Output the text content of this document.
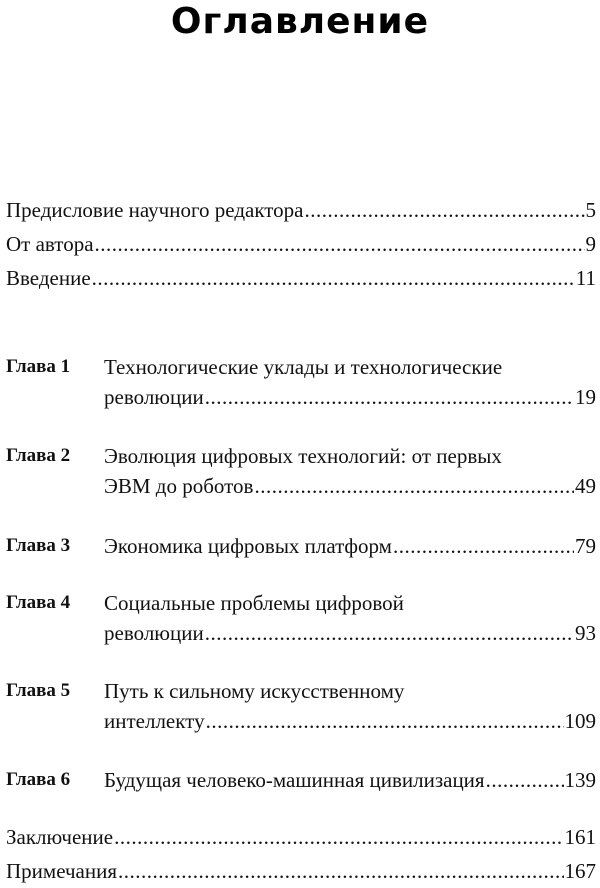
Оглавление
Предисловие научного редактора .....	5
От автора .....	9
Введение .....	11
Глава 1 Технологические уклады и технологические
революции .....	19
Глава 2 Эволюция цифровых технологий: от первых
ЭВМ до роботов .....	49
Глава 3 Экономика цифровых платформ .....	79
Глава 4 Социальные проблемы цифровой
революции .....	93
Глава 5 Путь к сильному искусственному
интеллекту .....	109
Глава 6 Будущая человеко-машинная цивилизация .....	139
Заключение .....	161
Примечания .....	167
